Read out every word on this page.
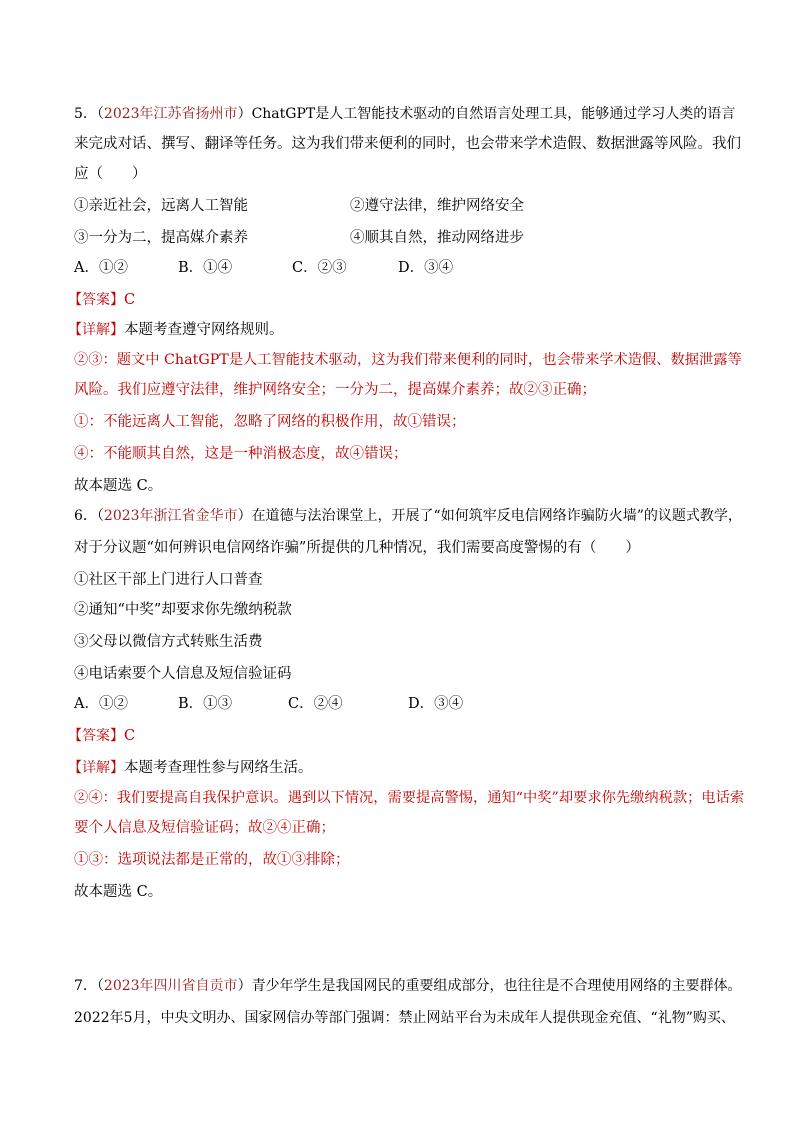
5．（2023年江苏省扬州市）ChatGPT是人工智能技术驱动的自然语言处理工具，能够通过学习人类的语言
来完成对话、撰写、翻译等任务。这为我们带来便利的同时，也会带来学术造假、数据泄露等风险。我们
应（　　）
①亲近社会，远离人工智能	②遵守法律，维护网络安全
③一分为二，提高媒介素养	④顺其自然，推动网络进步
A．①②	B．①④	C．②③	D．③④
【答案】C
【详解】本题考查遵守网络规则。
②③：题文中 ChatGPT是人工智能技术驱动，这为我们带来便利的同时，也会带来学术造假、数据泄露等
风险。我们应遵守法律，维护网络安全；一分为二，提高媒介素养；故②③正确；
①：不能远离人工智能，忽略了网络的积极作用，故①错误；
④：不能顺其自然，这是一种消极态度，故④错误；
故本题选 C。
6．（2023年浙江省金华市）在道德与法治课堂上，开展了“如何筑牢反电信网络诈骗防火墙”的议题式教学，
对于分议题“如何辨识电信网络诈骗”所提供的几种情况，我们需要高度警惕的有（　　）
①社区干部上门进行人口普查
②通知“中奖”却要求你先缴纳税款
③父母以微信方式转账生活费
④电话索要个人信息及短信验证码
A．①②	B．①③	C．②④	D．③④
【答案】C
【详解】本题考查理性参与网络生活。
②④：我们要提高自我保护意识。遇到以下情况，需要提高警惕，通知“中奖”却要求你先缴纳税款；电话索
要个人信息及短信验证码；故②④正确；
①③：选项说法都是正常的，故①③排除；
故本题选 C。
7．（2023年四川省自贡市）青少年学生是我国网民的重要组成部分，也往往是不合理使用网络的主要群体。
2022年5月，中央文明办、国家网信办等部门强调：禁止网站平台为未成年人提供现金充值、“礼物”购买、
